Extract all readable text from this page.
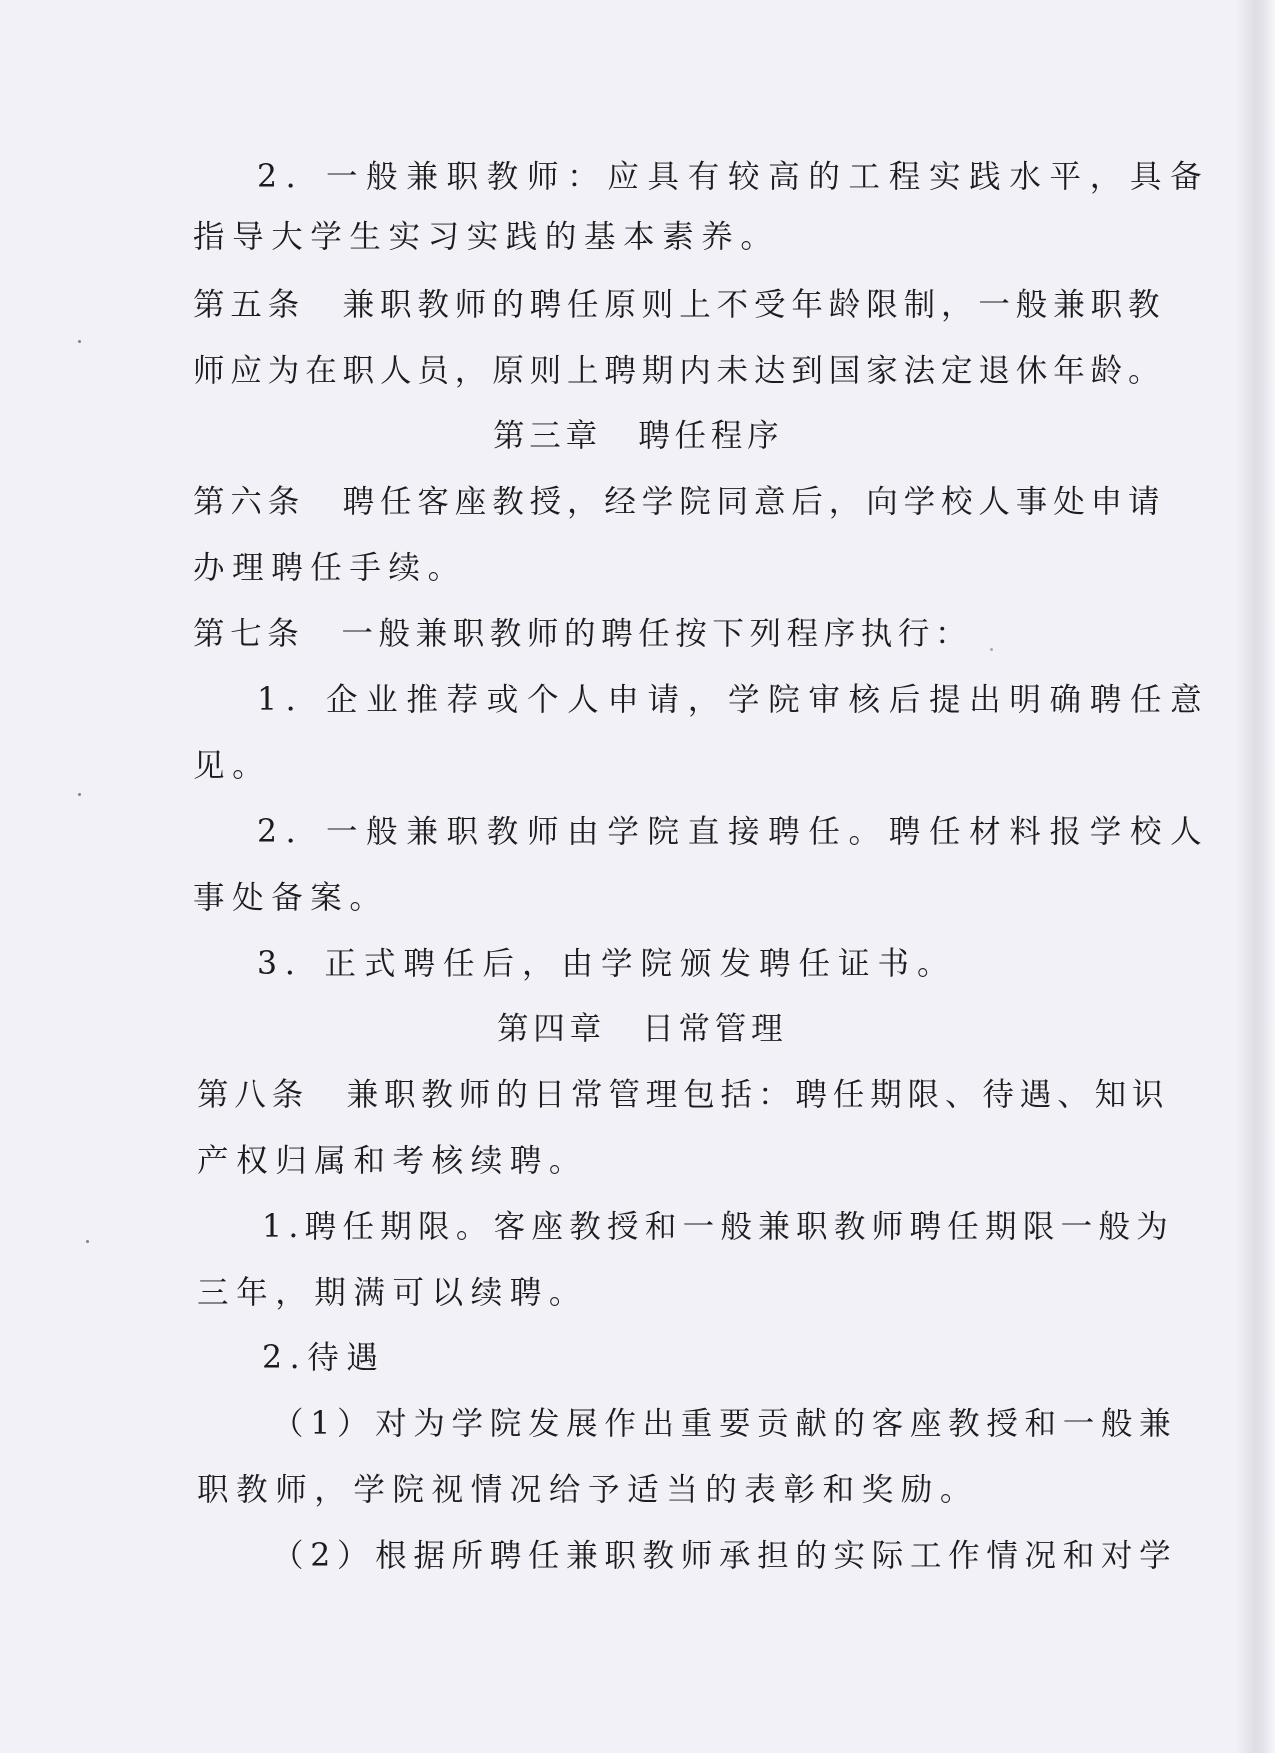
2．一般兼职教师：应具有较高的工程实践水平，具备
指导大学生实习实践的基本素养。
第五条　兼职教师的聘任原则上不受年龄限制，一般兼职教
师应为在职人员，原则上聘期内未达到国家法定退休年龄。
第三章　聘任程序
第六条　聘任客座教授，经学院同意后，向学校人事处申请
办理聘任手续。
第七条　一般兼职教师的聘任按下列程序执行：
1．企业推荐或个人申请，学院审核后提出明确聘任意
见。
2．一般兼职教师由学院直接聘任。聘任材料报学校人
事处备案。
3．正式聘任后，由学院颁发聘任证书。
第四章　日常管理
第八条　兼职教师的日常管理包括：聘任期限、待遇、知识
产权归属和考核续聘。
1.聘任期限。客座教授和一般兼职教师聘任期限一般为
三年，期满可以续聘。
2.待遇
（1）对为学院发展作出重要贡献的客座教授和一般兼
职教师，学院视情况给予适当的表彰和奖励。
（2）根据所聘任兼职教师承担的实际工作情况和对学
